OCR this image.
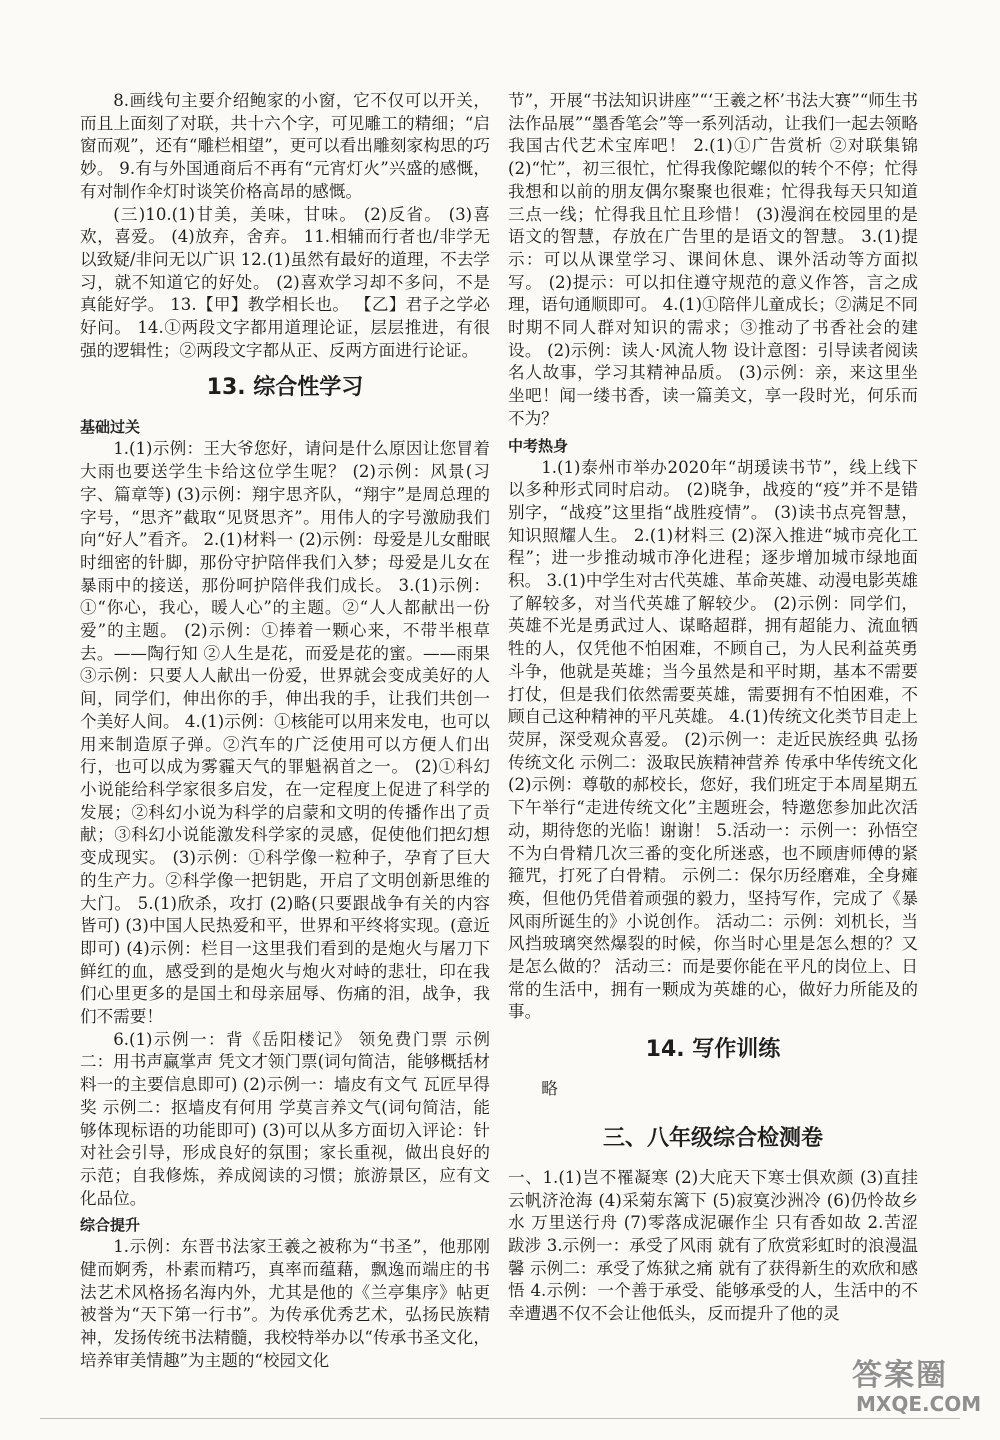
8.画线句主要介绍鲍家的小窗，它不仅可以开关，而且上面刻了对联，共十六个字，可见雕工的精细；“启窗而观”，还有“雕栏相望”，更可以看出雕刻家构思的巧妙。 9.有与外国通商后不再有“元宵灯火”兴盛的感慨，有对制作伞灯时谈笑价格高昂的感慨。

(三)10.(1)甘美，美味，甘味。 (2)反省。 (3)喜欢，喜爱。 (4)放弃，舍弃。 11.相辅而行者也/非学无以致疑/非问无以广识 12.(1)虽然有最好的道理，不去学习，就不知道它的好处。 (2)喜欢学习却不多问，不是真能好学。 13.【甲】教学相长也。 【乙】君子之学必好问。 14.①两段文字都用道理论证，层层推进，有很强的逻辑性；②两段文字都从正、反两方面进行论证。

13. 综合性学习
基础过关

1.(1)示例：王大爷您好，请问是什么原因让您冒着大雨也要送学生卡给这位学生呢？ (2)示例：风景(习字、篇章等) (3)示例：翔宇思齐队，“翔宇”是周总理的字号，“思齐”截取“见贤思齐”。用伟人的字号激励我们向“好人”看齐。 2.(1)材料一 (2)示例：母爱是儿女酣眠时细密的针脚，那份守护陪伴我们入梦；母爱是儿女在暴雨中的接送，那份呵护陪伴我们成长。 3.(1)示例：①“你心，我心，暖人心”的主题。②“人人都献出一份爱”的主题。 (2)示例：①捧着一颗心来，不带半根草去。——陶行知 ②人生是花，而爱是花的蜜。——雨果 ③示例：只要人人献出一份爱，世界就会变成美好的人间，同学们，伸出你的手，伸出我的手，让我们共创一个美好人间。 4.(1)示例：①核能可以用来发电，也可以用来制造原子弹。②汽车的广泛使用可以方便人们出行，也可以成为雾霾天气的罪魁祸首之一。 (2)①科幻小说能给科学家很多启发，在一定程度上促进了科学的发展；②科幻小说为科学的启蒙和文明的传播作出了贡献；③科幻小说能激发科学家的灵感，促使他们把幻想变成现实。 (3)示例：①科学像一粒种子，孕育了巨大的生产力。②科学像一把钥匙，开启了文明创新思维的大门。 5.(1)欣杀，攻打 (2)略(只要跟战争有关的内容皆可) (3)中国人民热爱和平，世界和平终将实现。(意近即可) (4)示例：栏目一这里我们看到的是炮火与屠刀下鲜红的血，感受到的是炮火与炮火对峙的悲壮，印在我们心里更多的是国土和母亲屈辱、伤痛的泪，战争，我们不需要！

6.(1)示例一：背《岳阳楼记》 领免费门票 示例二：用书声赢掌声 凭文才领门票(词句简洁，能够概括材料一的主要信息即可) (2)示例一：墙皮有文气 瓦匠早得奖 示例二：抠墙皮有何用 学莫言养文气(词句简洁，能够体现标语的功能即可) (3)可以从多方面切入评论：针对社会引导，形成良好的氛围；家长重视，做出良好的示范；自我修炼，养成阅读的习惯；旅游景区，应有文化品位。

综合提升

1.示例：东晋书法家王羲之被称为“书圣”，他那刚健而婀秀，朴素而精巧，真率而蕴藉，飘逸而端庄的书法艺术风格扬名海内外，尤其是他的《兰亭集序》帖更被誉为“天下第一行书”。为传承优秀艺术，弘扬民族精神，发扬传统书法精髓，我校特举办以“传承书圣文化，培养审美情趣”为主题的“校园文化

节”，开展“书法知识讲座”“‘王羲之杯’书法大赛”“师生书法作品展”“墨香笔会”等一系列活动，让我们一起去领略我国古代艺术宝库吧！ 2.(1)①广告赏析 ②对联集锦 (2)“忙”，初三很忙，忙得我像陀螺似的转个不停；忙得我想和以前的朋友偶尔聚聚也很难；忙得我每天只知道三点一线；忙得我且忙且珍惜！ (3)漫润在校园里的是语文的智慧，存放在广告里的是语文的智慧。 3.(1)提示：可以从课堂学习、课间休息、课外活动等方面拟写。 (2)提示：可以扣住遵守规范的意义作答，言之成理，语句通顺即可。 4.(1)①陪伴儿童成长；②满足不同时期不同人群对知识的需求；③推动了书香社会的建设。 (2)示例：读人·风流人物 设计意图：引导读者阅读名人故事，学习其精神品质。 (3)示例：亲，来这里坐坐吧！闻一缕书香，读一篇美文，享一段时光，何乐而不为？

中考热身

1.(1)泰州市举办2020年“胡瑗读书节”，线上线下以多种形式同时启动。 (2)晓争，战疫的“疫”并不是错别字，“战疫”这里指“战胜疫情”。 (3)读书点亮智慧，知识照耀人生。 2.(1)材料三 (2)深入推进“城市亮化工程”；进一步推动城市净化进程；逐步增加城市绿地面积。 3.(1)中学生对古代英雄、革命英雄、动漫电影英雄了解较多，对当代英雄了解较少。 (2)示例：同学们，英雄不光是勇武过人、谋略超群，拥有超能力、流血牺牲的人，仅凭他不怕困难，不顾自己，为人民利益英勇斗争，他就是英雄；当今虽然是和平时期，基本不需要打仗，但是我们依然需要英雄，需要拥有不怕困难，不顾自己这种精神的平凡英雄。 4.(1)传统文化类节目走上荧屏，深受观众喜爱。 (2)示例一：走近民族经典 弘扬传统文化 示例二：汲取民族精神营养 传承中华传统文化 (2)示例：尊敬的郝校长，您好，我们班定于本周星期五下午举行“走进传统文化”主题班会，特邀您参加此次活动，期待您的光临！谢谢！ 5.活动一：示例一：孙悟空不为白骨精几次三番的变化所迷惑，也不顾唐师傅的紧箍咒，打死了白骨精。 示例二：保尔历经磨难，全身瘫痪，但他仍凭借着顽强的毅力，坚持写作，完成了《暴风雨所诞生的》小说创作。 活动二：示例：刘机长，当风挡玻璃突然爆裂的时候，你当时心里是怎么想的？又是怎么做的？ 活动三：而是要你能在平凡的岗位上、日常的生活中，拥有一颗成为英雄的心，做好力所能及的事。

14. 写作训练

略

三、八年级综合检测卷

一、1.(1)岂不罹凝寒 (2)大庇天下寒士俱欢颜 (3)直挂云帆济沧海 (4)采菊东篱下 (5)寂寞沙洲冷 (6)仍怜故乡水 万里送行舟 (7)零落成泥碾作尘 只有香如故 2.苦涩 跋涉 3.示例一：承受了风雨 就有了欣赏彩虹时的浪漫温馨 示例二：承受了炼狱之痛 就有了获得新生的欢欣和感悟 4.示例：一个善于承受、能够承受的人，生活中的不幸遭遇不仅不会让他低头，反而提升了他的灵

答案圈
MXQE.COM
